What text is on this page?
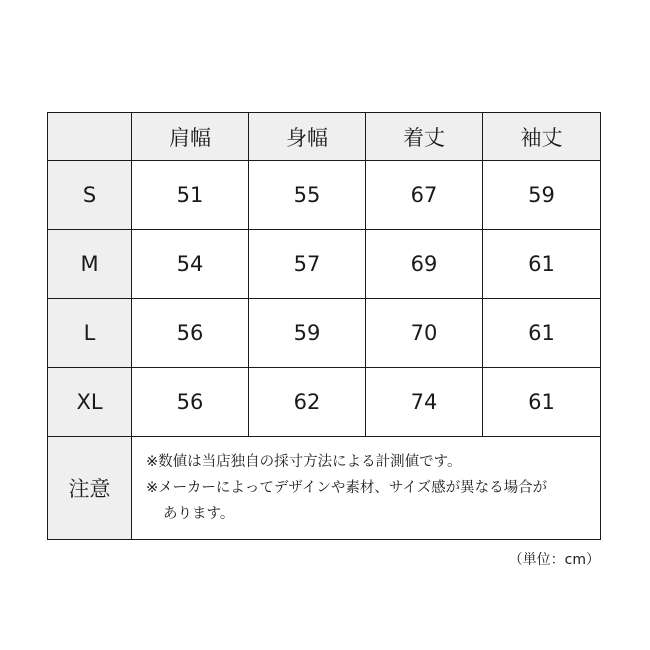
	肩幅	身幅	着丈	袖丈
S	51	55	67	59
M	54	57	69	61
L	56	59	70	61
XL	56	62	74	61
注意	※数値は当店独自の採寸方法による計測値です。
※メーカーによってデザインや素材、サイズ感が異なる場合が
あります。			
（単位：cm）
